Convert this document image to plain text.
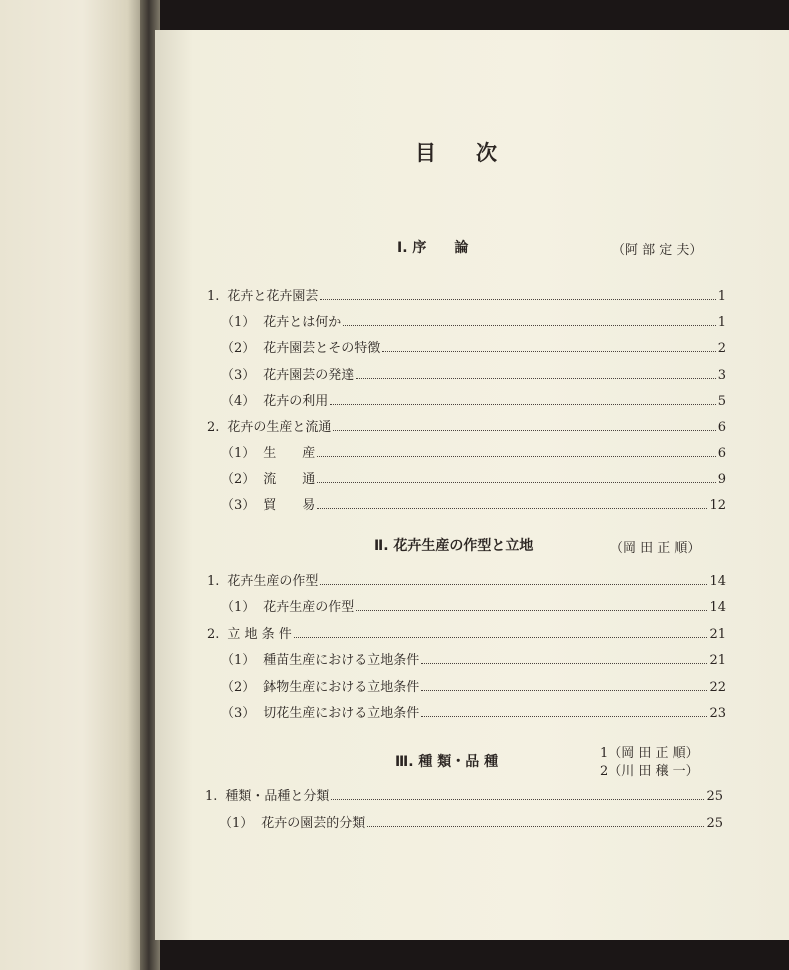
目次
Ⅰ. 序　　論	（阿 部 定 夫）
1. 花卉と花卉園芸	1
（1） 花卉とは何か	1
（2） 花卉園芸とその特徴	2
（3） 花卉園芸の発達	3
（4） 花卉の利用	5
2. 花卉の生産と流通	6
（1） 生　　産	6
（2） 流　　通	9
（3） 貿　　易	12
Ⅱ. 花卉生産の作型と立地	（岡 田 正 順）
1. 花卉生産の作型	14
（1） 花卉生産の作型	14
2. 立 地 条 件	21
（1） 種苗生産における立地条件	21
（2） 鉢物生産における立地条件	22
（3） 切花生産における立地条件	23
Ⅲ. 種 類・品 種
1（岡 田 正 順）
2（川 田 穣 一）
1. 種類・品種と分類	25
（1） 花卉の園芸的分類	25
